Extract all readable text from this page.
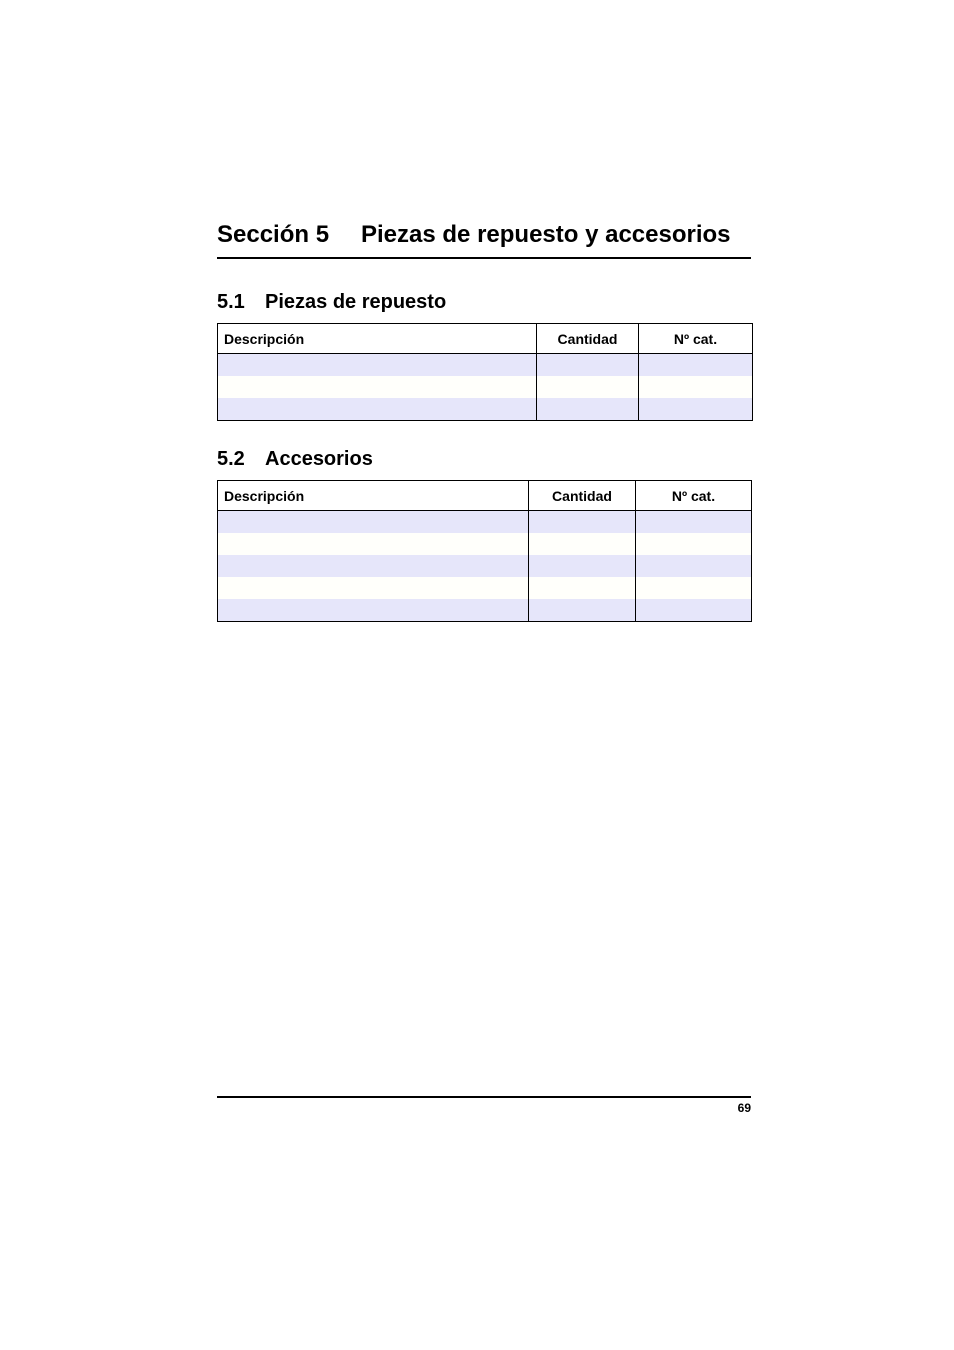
Sección 5 Piezas de repuesto y accesorios
5.1 Piezas de repuesto
Descripción	Cantidad	Nº cat.

5.2 Accesorios
Descripción	Cantidad	Nº cat.

69
